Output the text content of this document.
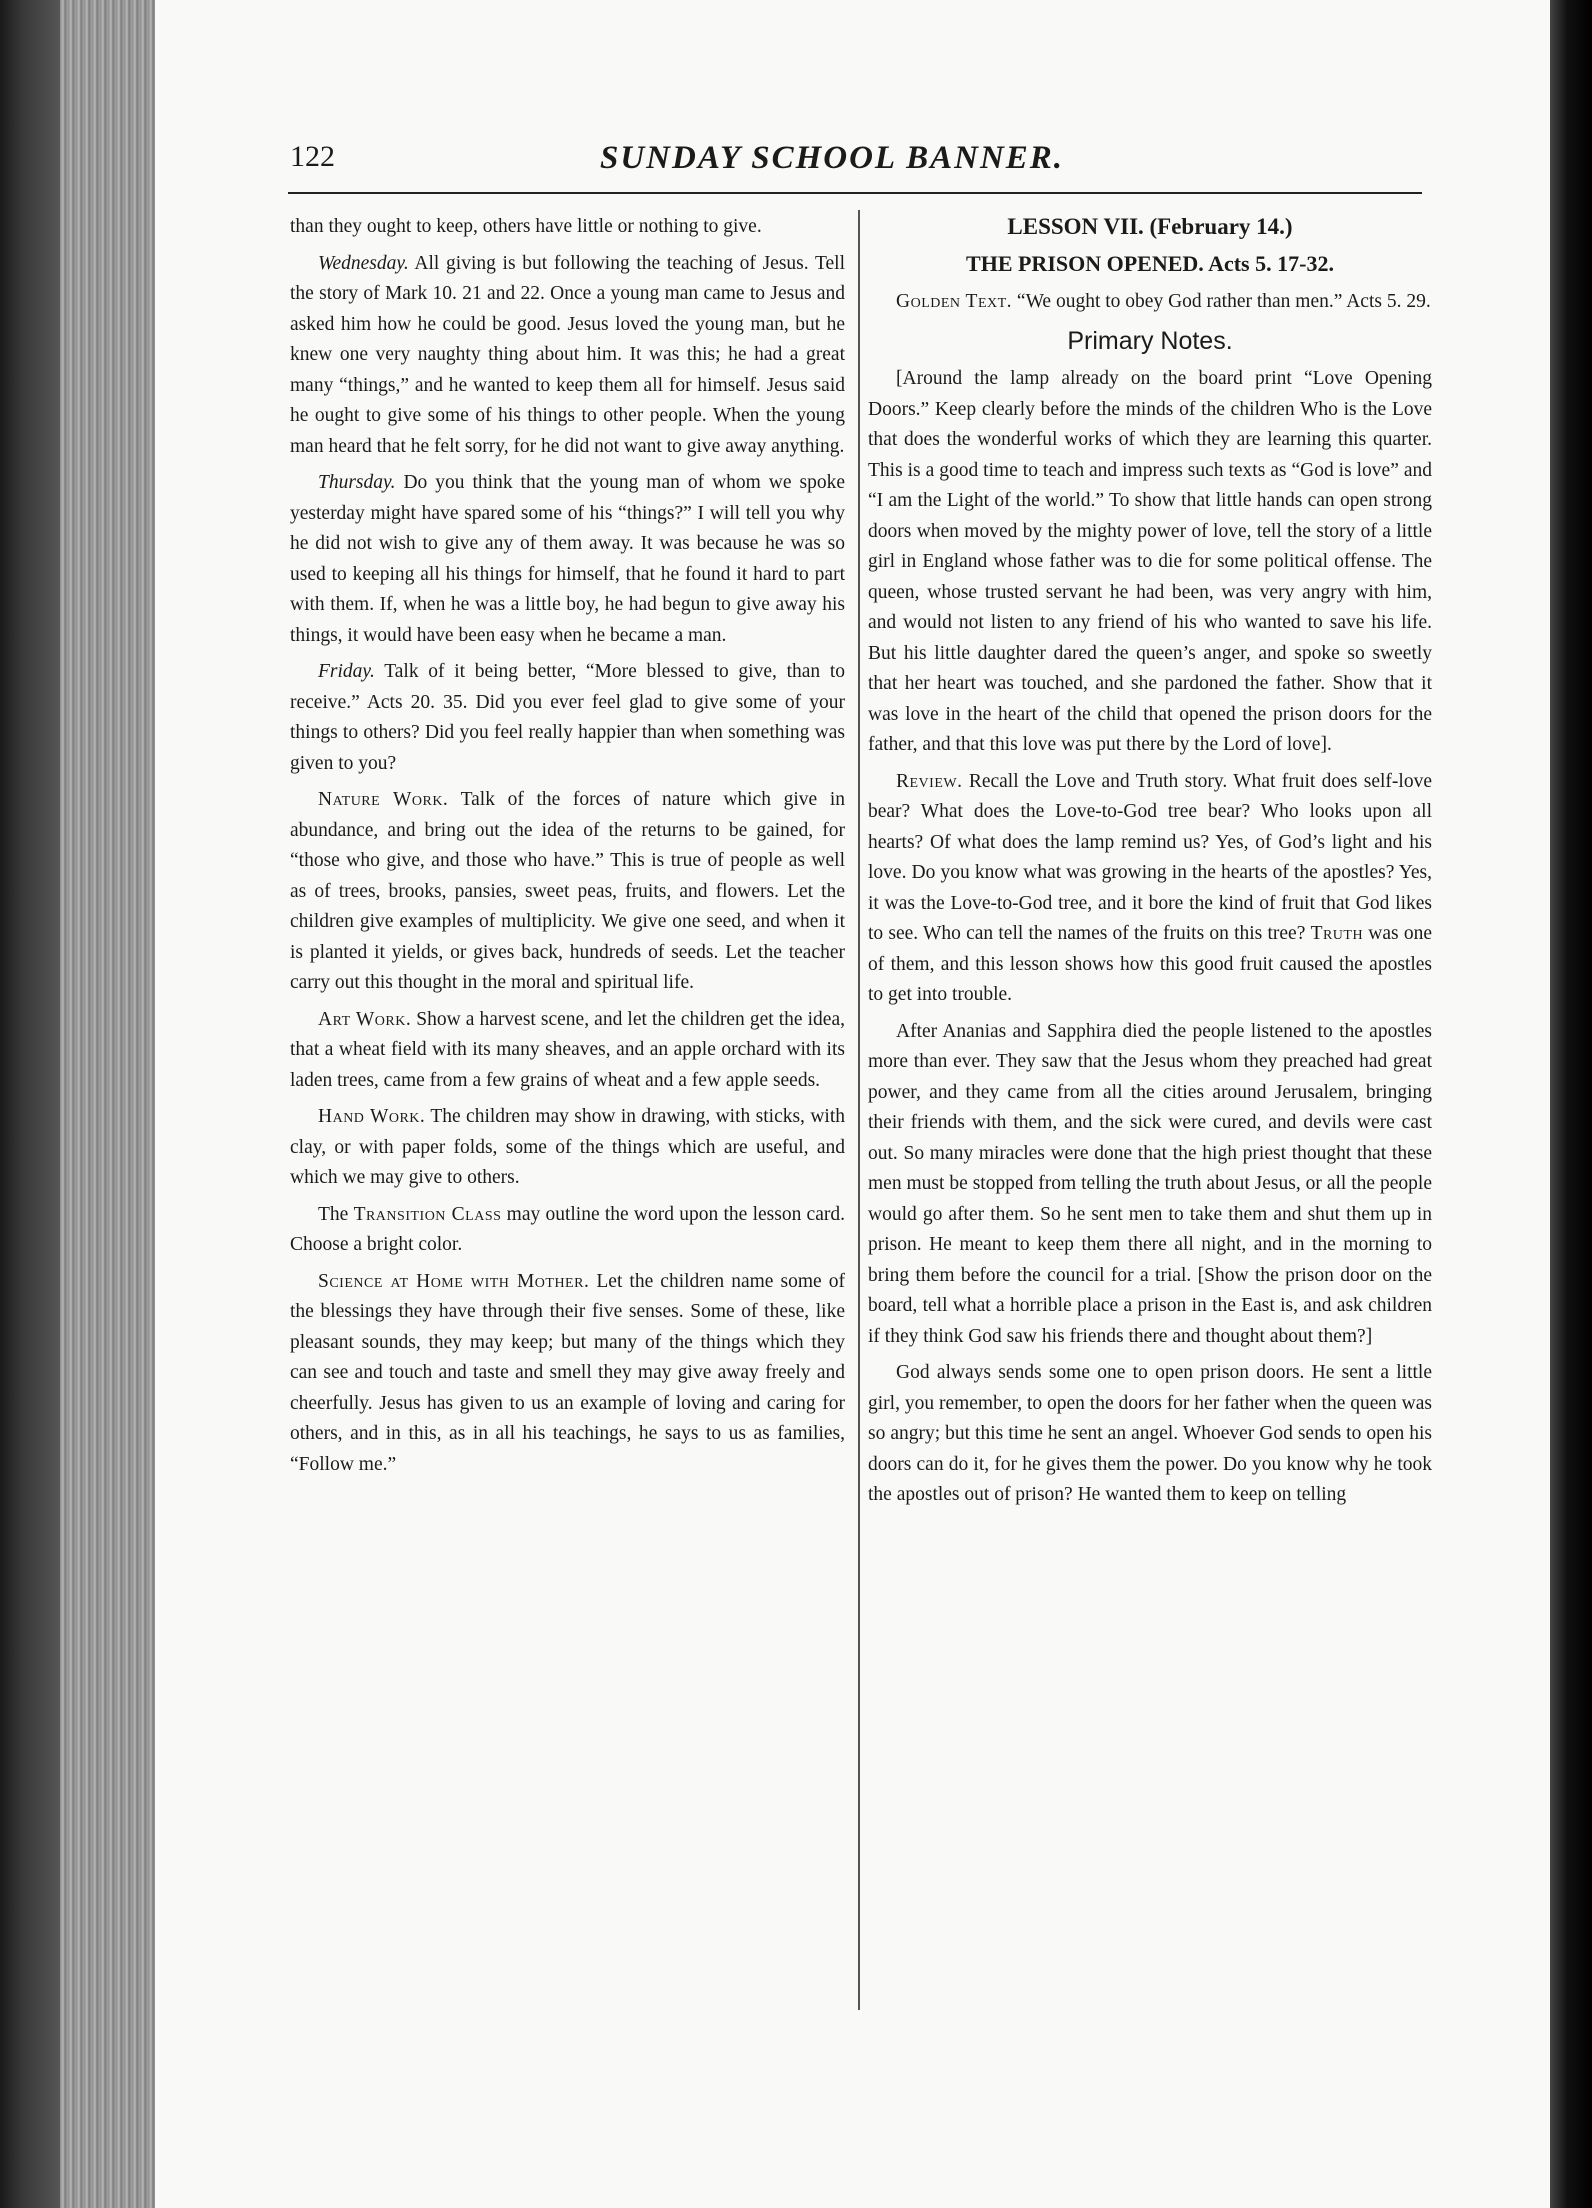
122	SUNDAY SCHOOL BANNER.

than they ought to keep, others have little or nothing to give.

Wednesday. All giving is but following the teaching of Jesus. Tell the story of Mark 10. 21 and 22. Once a young man came to Jesus and asked him how he could be good. Jesus loved the young man, but he knew one very naughty thing about him. It was this; he had a great many “things,” and he wanted to keep them all for himself. Jesus said he ought to give some of his things to other people. When the young man heard that he felt sorry, for he did not want to give away anything.

Thursday. Do you think that the young man of whom we spoke yesterday might have spared some of his “things?” I will tell you why he did not wish to give any of them away. It was because he was so used to keeping all his things for himself, that he found it hard to part with them. If, when he was a little boy, he had begun to give away his things, it would have been easy when he became a man.

Friday. Talk of it being better, “More blessed to give, than to receive.” Acts 20. 35. Did you ever feel glad to give some of your things to others? Did you feel really happier than when something was given to you?

Nature Work. Talk of the forces of nature which give in abundance, and bring out the idea of the returns to be gained, for “those who give, and those who have.” This is true of people as well as of trees, brooks, pansies, sweet peas, fruits, and flowers. Let the children give examples of multiplicity. We give one seed, and when it is planted it yields, or gives back, hundreds of seeds. Let the teacher carry out this thought in the moral and spiritual life.

Art Work. Show a harvest scene, and let the children get the idea, that a wheat field with its many sheaves, and an apple orchard with its laden trees, came from a few grains of wheat and a few apple seeds.

Hand Work. The children may show in drawing, with sticks, with clay, or with paper folds, some of the things which are useful, and which we may give to others.

The Transition Class may outline the word upon the lesson card. Choose a bright color.

Science at Home with Mother. Let the children name some of the blessings they have through their five senses. Some of these, like pleasant sounds, they may keep; but many of the things which they can see and touch and taste and smell they may give away freely and cheerfully. Jesus has given to us an example of loving and caring for others, and in this, as in all his teachings, he says to us as families, “Follow me.”

LESSON VII. (February 14.)
THE PRISON OPENED. Acts 5. 17-32.

Golden Text. “We ought to obey God rather than men.” Acts 5. 29.

Primary Notes.

[Around the lamp already on the board print “Love Opening Doors.” Keep clearly before the minds of the children Who is the Love that does the wonderful works of which they are learning this quarter. This is a good time to teach and impress such texts as “God is love” and “I am the Light of the world.” To show that little hands can open strong doors when moved by the mighty power of love, tell the story of a little girl in England whose father was to die for some political offense. The queen, whose trusted servant he had been, was very angry with him, and would not listen to any friend of his who wanted to save his life. But his little daughter dared the queen’s anger, and spoke so sweetly that her heart was touched, and she pardoned the father. Show that it was love in the heart of the child that opened the prison doors for the father, and that this love was put there by the Lord of love].

Review. Recall the Love and Truth story. What fruit does self-love bear? What does the Love-to-God tree bear? Who looks upon all hearts? Of what does the lamp remind us? Yes, of God’s light and his love. Do you know what was growing in the hearts of the apostles? Yes, it was the Love-to-God tree, and it bore the kind of fruit that God likes to see. Who can tell the names of the fruits on this tree? Truth was one of them, and this lesson shows how this good fruit caused the apostles to get into trouble.

After Ananias and Sapphira died the people listened to the apostles more than ever. They saw that the Jesus whom they preached had great power, and they came from all the cities around Jerusalem, bringing their friends with them, and the sick were cured, and devils were cast out. So many miracles were done that the high priest thought that these men must be stopped from telling the truth about Jesus, or all the people would go after them. So he sent men to take them and shut them up in prison. He meant to keep them there all night, and in the morning to bring them before the council for a trial. [Show the prison door on the board, tell what a horrible place a prison in the East is, and ask children if they think God saw his friends there and thought about them?]

God always sends some one to open prison doors. He sent a little girl, you remember, to open the doors for her father when the queen was so angry; but this time he sent an angel. Whoever God sends to open his doors can do it, for he gives them the power. Do you know why he took the apostles out of prison? He wanted them to keep on telling
